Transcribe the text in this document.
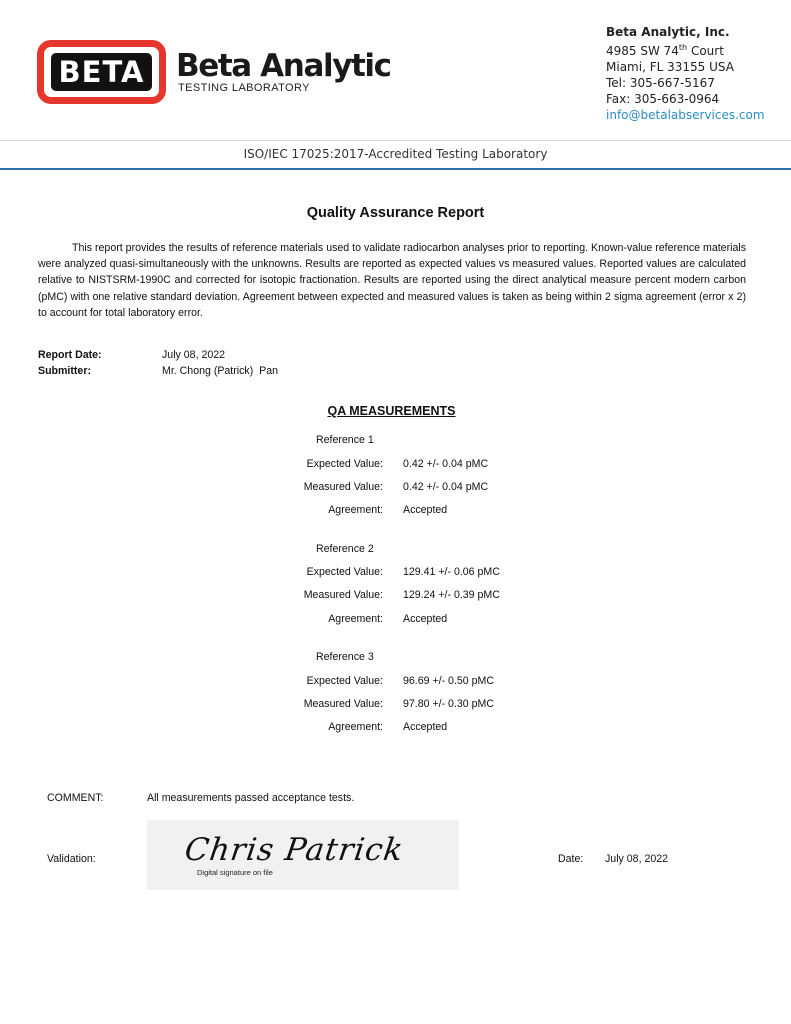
BETA Beta Analytic
TESTING LABORATORY
Beta Analytic, Inc.
4985 SW 74th Court
Miami, FL 33155 USA
Tel: 305-667-5167
Fax: 305-663-0964
info@betalabservices.com
ISO/IEC 17025:2017-Accredited Testing Laboratory
Quality Assurance Report
This report provides the results of reference materials used to validate radiocarbon analyses prior to reporting. Known-value reference materials were analyzed quasi-simultaneously with the unknowns. Results are reported as expected values vs measured values. Reported values are calculated relative to NISTSRM-1990C and corrected for isotopic fractionation. Results are reported using the direct analytical measure percent modern carbon (pMC) with one relative standard deviation. Agreement between expected and measured values is taken as being within 2 sigma agreement (error x 2) to account for total laboratory error.
Report Date:	July 08, 2022
Submitter:	Mr. Chong (Patrick)  Pan
QA MEASUREMENTS
Reference 1
Expected Value: 0.42 +/- 0.04 pMC
Measured Value: 0.42 +/- 0.04 pMC
Agreement: Accepted
Reference 2
Expected Value: 129.41 +/- 0.06 pMC
Measured Value: 129.24 +/- 0.39 pMC
Agreement: Accepted
Reference 3
Expected Value: 96.69 +/- 0.50 pMC
Measured Value: 97.80 +/- 0.30 pMC
Agreement: Accepted
COMMENT:	All measurements passed acceptance tests.
Chris Patrick
Digital signature on file
Validation:	Date: July 08, 2022
